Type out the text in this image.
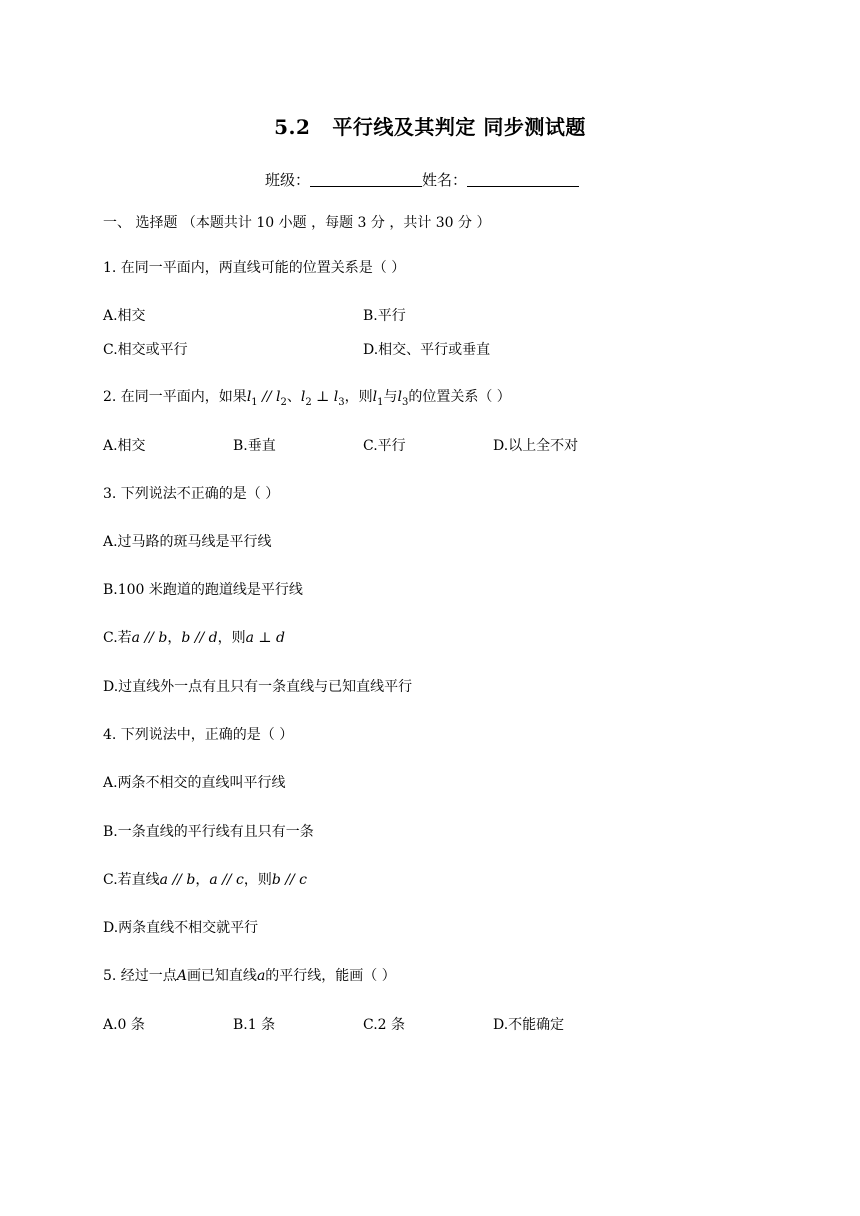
5.2 平行线及其判定 同步测试题
班级：	姓名：
一、 选择题 （本题共计 10 小题 ，每题 3 分 ，共计 30 分 ）
1. 在同一平面内，两直线可能的位置关系是（ ）
A.相交	B.平行
C.相交或平行	D.相交、平行或垂直
2. 在同一平面内，如果$l_1 // l_2$、$l_2$ ⊥ $l_3$，则$l_1$与$l_3$的位置关系（ ）
A.相交	B.垂直	C.平行	D.以上全不对
3. 下列说法不正确的是（ ）
A.过马路的斑马线是平行线
B.100 米跑道的跑道线是平行线
C.若a // b，b // d，则a ⊥ d
D.过直线外一点有且只有一条直线与已知直线平行
4. 下列说法中，正确的是（ ）
A.两条不相交的直线叫平行线
B.一条直线的平行线有且只有一条
C.若直线a // b，a // c，则b // c
D.两条直线不相交就平行
5. 经过一点A画已知直线a的平行线，能画（ ）
A.0 条	B.1 条	C.2 条	D.不能确定
